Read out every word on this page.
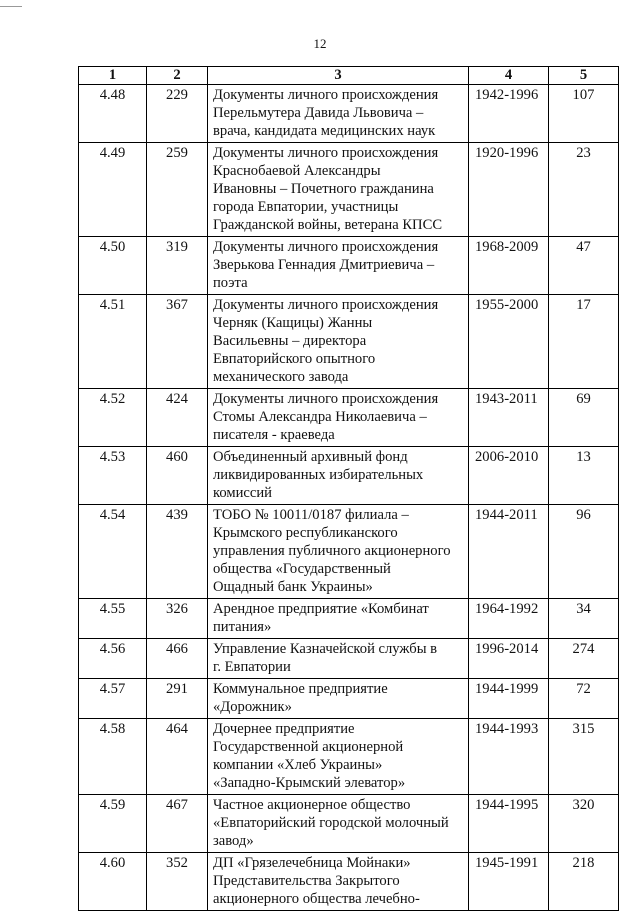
12
1	2	3	4	5
4.48	229	Документы личного происхождения
Перельмутера Давида Львовича –
врача, кандидата медицинских наук	1942-1996	107
4.49	259	Документы личного происхождения
Краснобаевой Александры
Ивановны – Почетного гражданина
города Евпатории, участницы
Гражданской войны, ветерана КПСС	1920-1996	23
4.50	319	Документы личного происхождения
Зверькова Геннадия Дмитриевича –
поэта	1968-2009	47
4.51	367	Документы личного происхождения
Черняк (Кащицы) Жанны
Васильевны – директора
Евпаторийского опытного
механического завода	1955-2000	17
4.52	424	Документы личного происхождения
Стомы Александра Николаевича –
писателя - краеведа	1943-2011	69
4.53	460	Объединенный архивный фонд
ликвидированных избирательных
комиссий	2006-2010	13
4.54	439	ТОБО № 10011/0187 филиала –
Крымского республиканского
управления публичного акционерного
общества «Государственный
Ощадный банк Украины»	1944-2011	96
4.55	326	Арендное предприятие «Комбинат
питания»	1964-1992	34
4.56	466	Управление Казначейской службы в
г. Евпатории	1996-2014	274
4.57	291	Коммунальное предприятие
«Дорожник»	1944-1999	72
4.58	464	Дочернее предприятие
Государственной акционерной
компании «Хлеб Украины»
«Западно-Крымский элеватор»	1944-1993	315
4.59	467	Частное акционерное общество
«Евпаторийский городской молочный
завод»	1944-1995	320
4.60	352	ДП «Грязелечебница Мойнаки»
Представительства Закрытого
акционерного общества лечебно-	1945-1991	218
